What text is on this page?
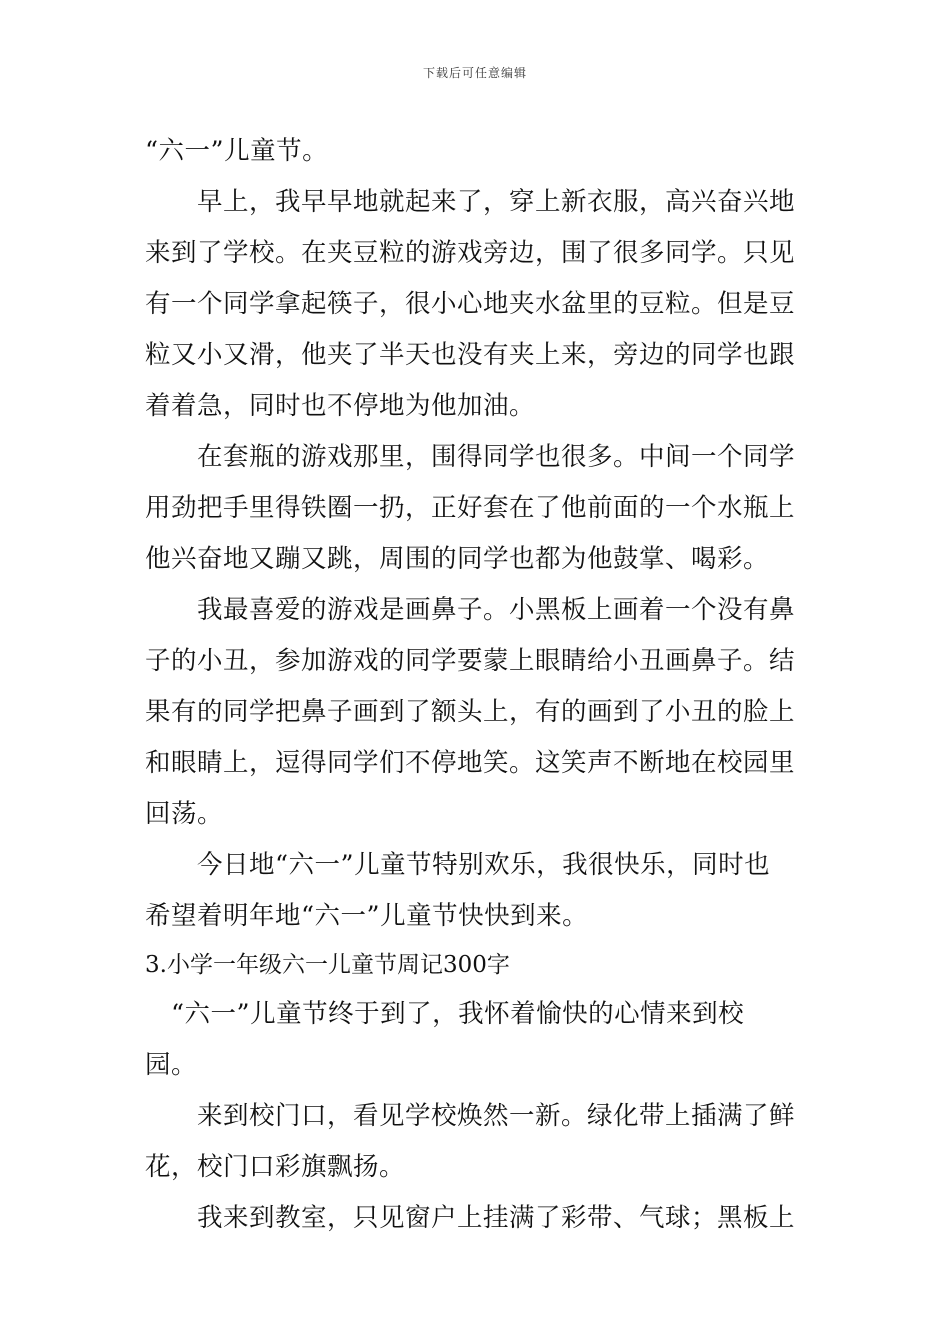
下载后可任意编辑
“六一”儿童节。
　　早上，我早早地就起来了，穿上新衣服，高兴奋兴地
来到了学校。在夹豆粒的游戏旁边，围了很多同学。只见
有一个同学拿起筷子，很小心地夹水盆里的豆粒。但是豆
粒又小又滑，他夹了半天也没有夹上来，旁边的同学也跟
着着急，同时也不停地为他加油。
　　在套瓶的游戏那里，围得同学也很多。中间一个同学
用劲把手里得铁圈一扔，正好套在了他前面的一个水瓶上
他兴奋地又蹦又跳，周围的同学也都为他鼓掌、喝彩。
　　我最喜爱的游戏是画鼻子。小黑板上画着一个没有鼻
子的小丑，参加游戏的同学要蒙上眼睛给小丑画鼻子。结
果有的同学把鼻子画到了额头上，有的画到了小丑的脸上
和眼睛上，逗得同学们不停地笑。这笑声不断地在校园里
回荡。
　　今日地“六一”儿童节特别欢乐，我很快乐，同时也
希望着明年地“六一”儿童节快快到来。
3.小学一年级六一儿童节周记300字
　“六一”儿童节终于到了，我怀着愉快的心情来到校
园。
　　来到校门口，看见学校焕然一新。绿化带上插满了鲜
花，校门口彩旗飘扬。
　　我来到教室，只见窗户上挂满了彩带、气球；黑板上
